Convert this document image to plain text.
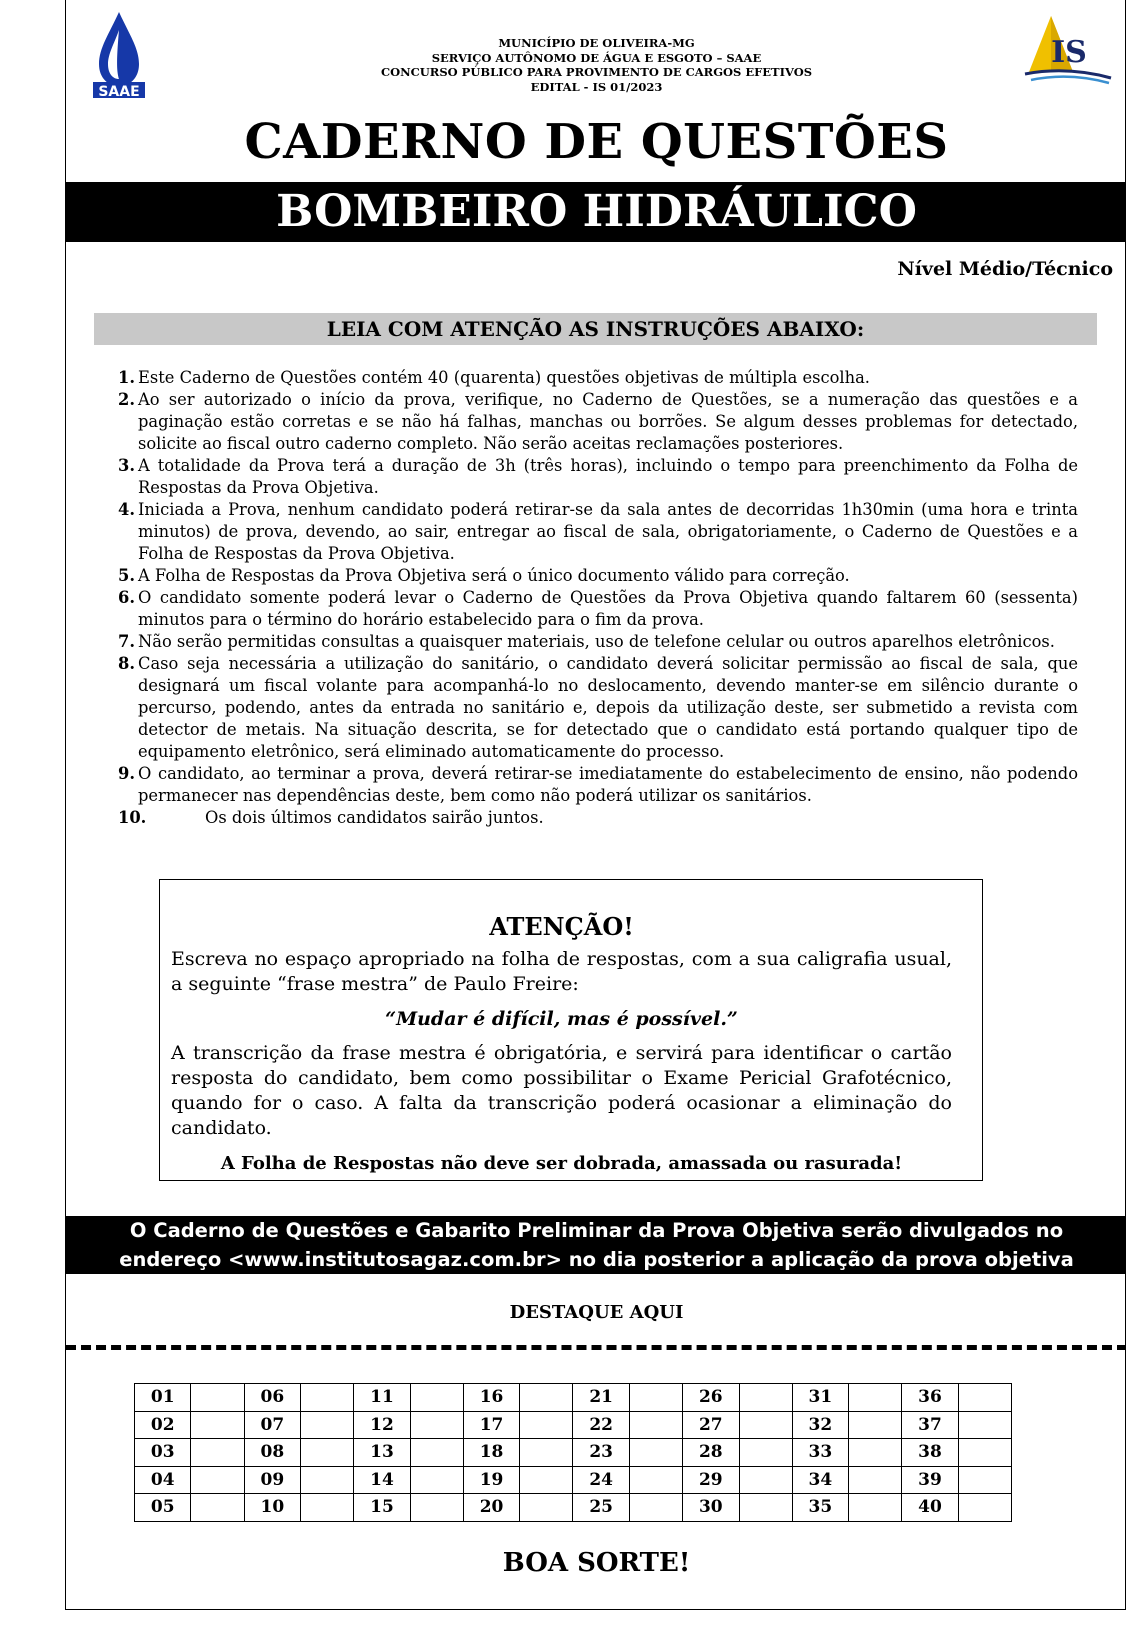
SAAE
IS
MUNICÍPIO DE OLIVEIRA-MG
SERVIÇO AUTÔNOMO DE ÁGUA E ESGOTO – SAAE
CONCURSO PÚBLICO PARA PROVIMENTO DE CARGOS EFETIVOS
EDITAL - IS 01/2023
CADERNO DE QUESTÕES
BOMBEIRO HIDRÁULICO
Nível Médio/Técnico
LEIA COM ATENÇÃO AS INSTRUÇÕES ABAIXO:
1. Este Caderno de Questões contém 40 (quarenta) questões objetivas de múltipla escolha.
2. Ao ser autorizado o início da prova, verifique, no Caderno de Questões, se a numeração das questões e a paginação estão corretas e se não há falhas, manchas ou borrões. Se algum desses problemas for detectado, solicite ao fiscal outro caderno completo. Não serão aceitas reclamações posteriores.
3. A totalidade da Prova terá a duração de 3h (três horas), incluindo o tempo para preenchimento da Folha de Respostas da Prova Objetiva.
4. Iniciada a Prova, nenhum candidato poderá retirar-se da sala antes de decorridas 1h30min (uma hora e trinta minutos) de prova, devendo, ao sair, entregar ao fiscal de sala, obrigatoriamente, o Caderno de Questões e a Folha de Respostas da Prova Objetiva.
5. A Folha de Respostas da Prova Objetiva será o único documento válido para correção.
6. O candidato somente poderá levar o Caderno de Questões da Prova Objetiva quando faltarem 60 (sessenta) minutos para o término do horário estabelecido para o fim da prova.
7. Não serão permitidas consultas a quaisquer materiais, uso de telefone celular ou outros aparelhos eletrônicos.
8. Caso seja necessária a utilização do sanitário, o candidato deverá solicitar permissão ao fiscal de sala, que designará um fiscal volante para acompanhá-lo no deslocamento, devendo manter-se em silêncio durante o percurso, podendo, antes da entrada no sanitário e, depois da utilização deste, ser submetido a revista com detector de metais. Na situação descrita, se for detectado que o candidato está portando qualquer tipo de equipamento eletrônico, será eliminado automaticamente do processo.
9. O candidato, ao terminar a prova, deverá retirar-se imediatamente do estabelecimento de ensino, não podendo permanecer nas dependências deste, bem como não poderá utilizar os sanitários.
10.	Os dois últimos candidatos sairão juntos.
ATENÇÃO!

Escreva no espaço apropriado na folha de respostas, com a sua caligrafia usual, a seguinte “frase mestra” de Paulo Freire:

“Mudar é difícil, mas é possível.”

A transcrição da frase mestra é obrigatória, e servirá para identificar o cartão resposta do candidato, bem como possibilitar o Exame Pericial Grafotécnico, quando for o caso. A falta da transcrição poderá ocasionar a eliminação do candidato.

A Folha de Respostas não deve ser dobrada, amassada ou rasurada!

O Caderno de Questões e Gabarito Preliminar da Prova Objetiva serão divulgados no
endereço <www.institutosagaz.com.br> no dia posterior a aplicação da prova objetiva
DESTAQUE AQUI
01		06		11		16		21		26		31		36	
02		07		12		17		22		27		32		37	
03		08		13		18		23		28		33		38	
04		09		14		19		24		29		34		39	
05		10		15		20		25		30		35		40	
BOA SORTE!
